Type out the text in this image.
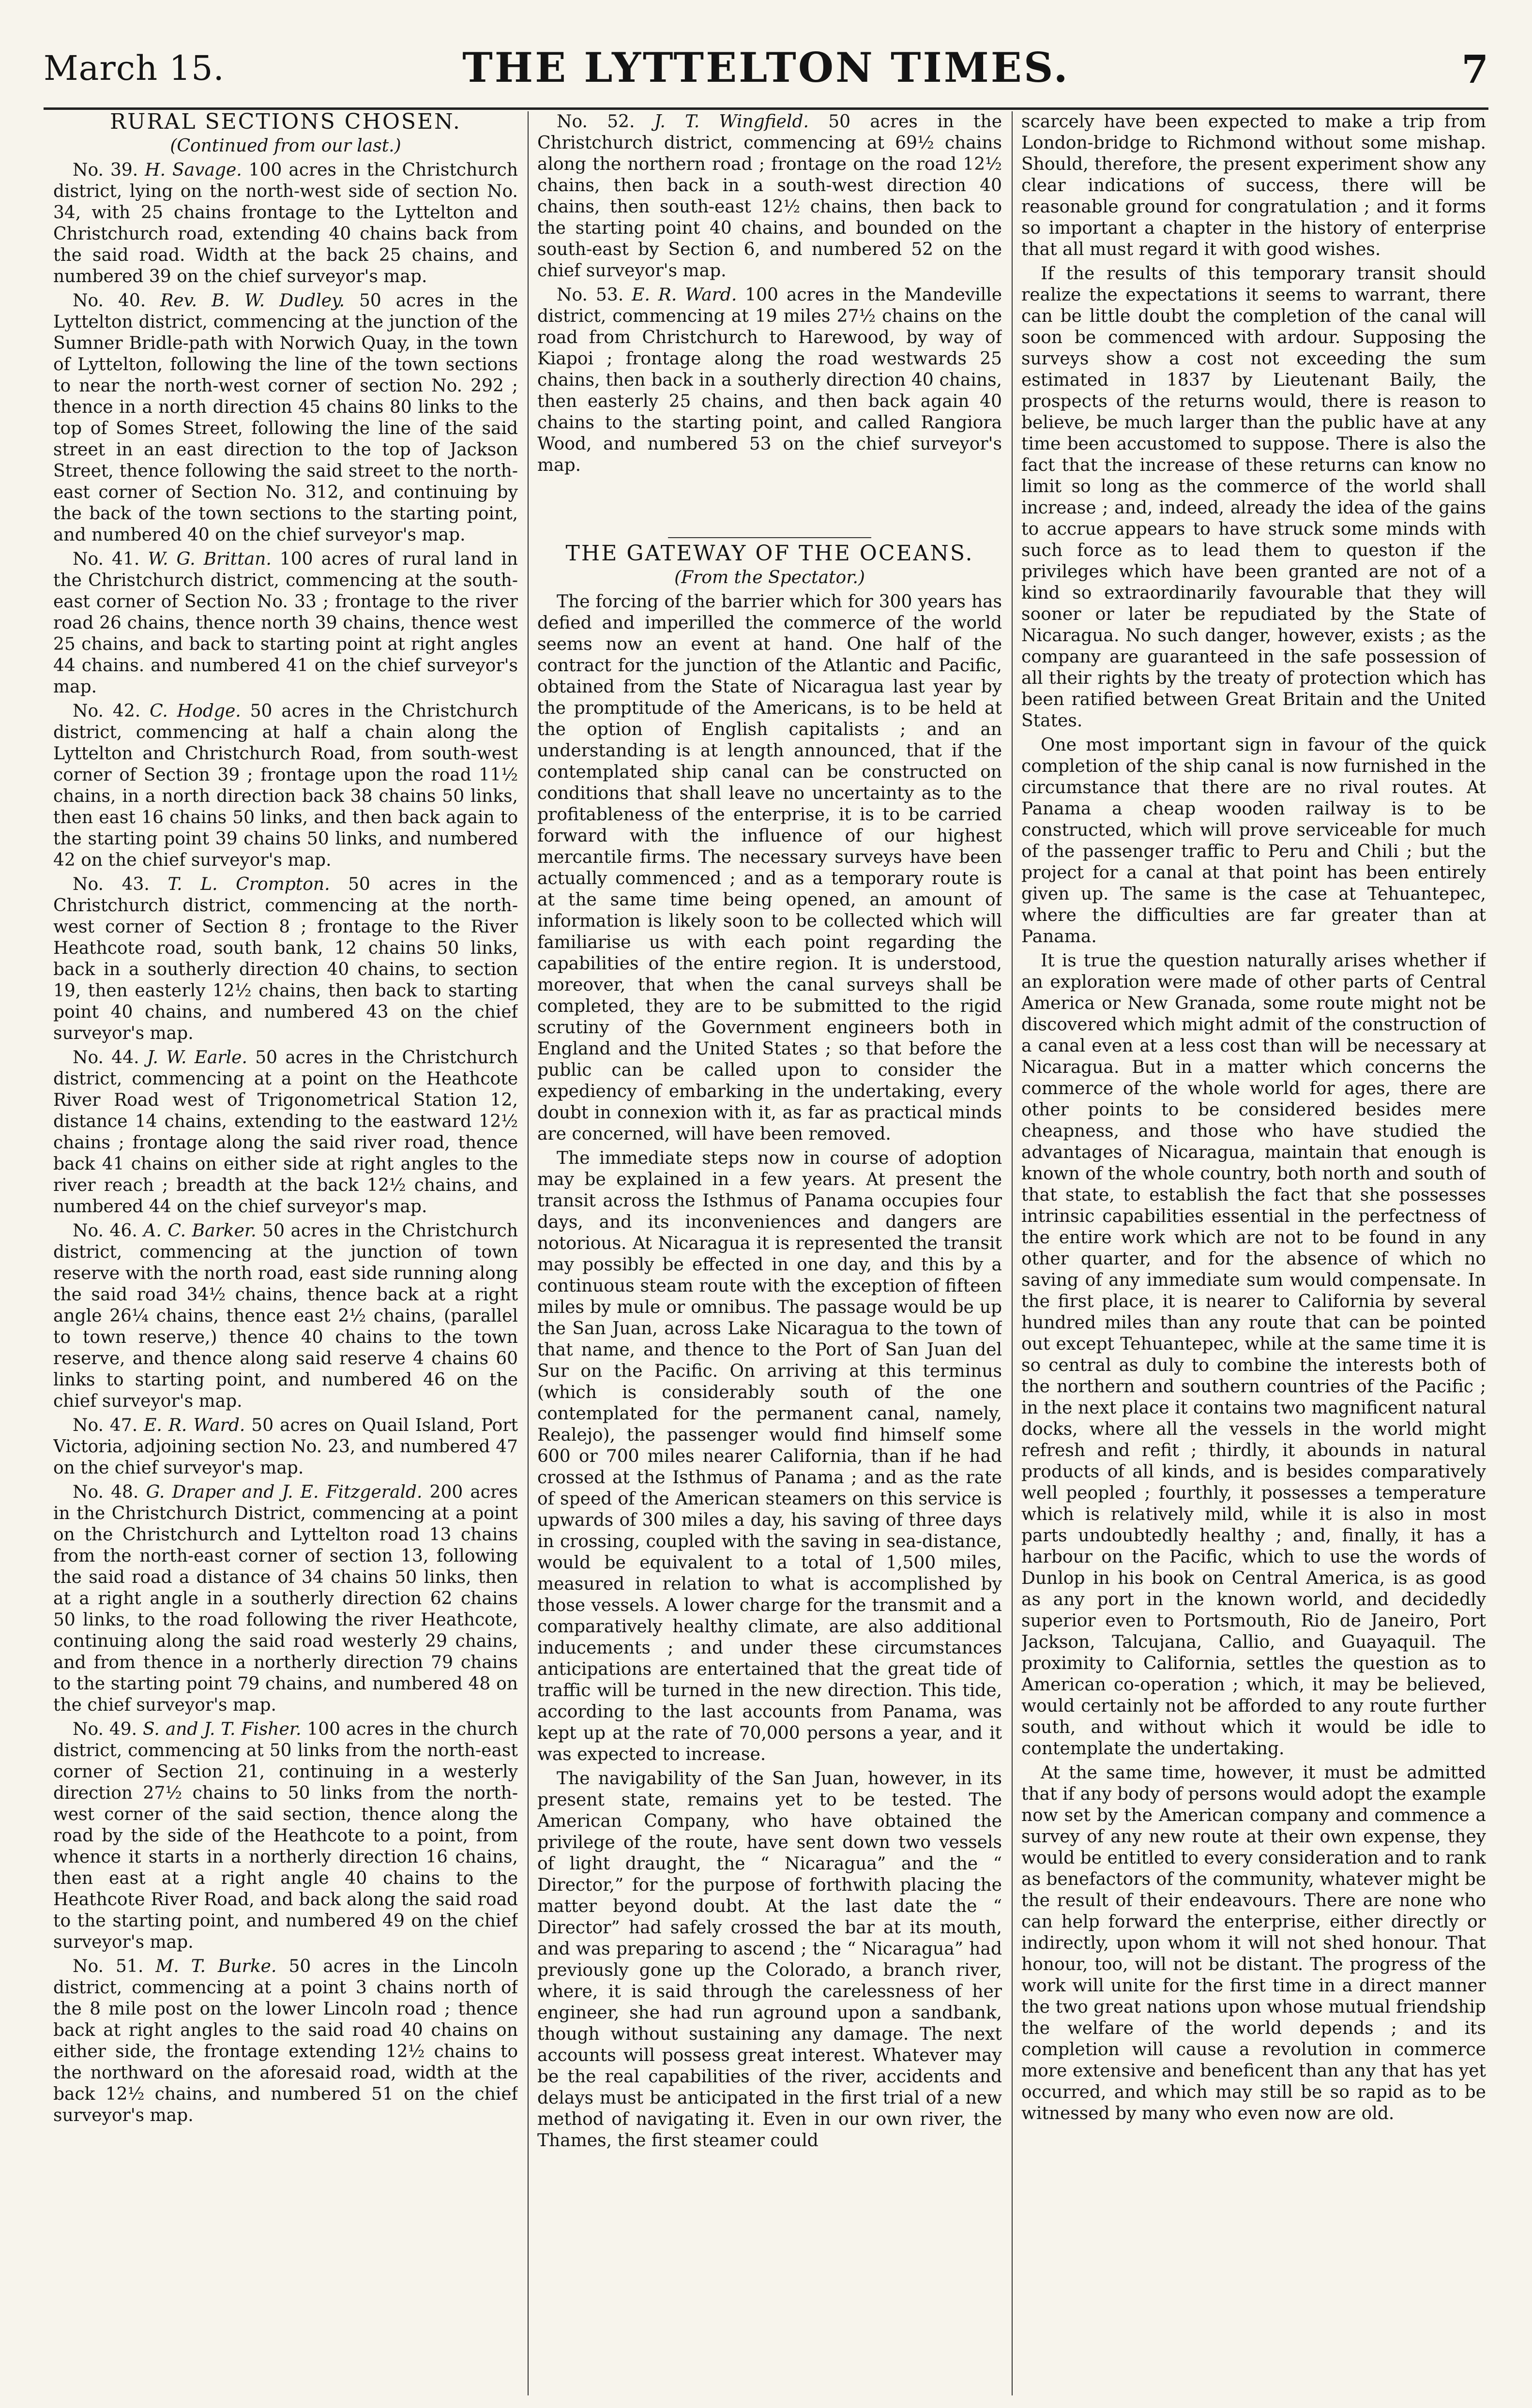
March 15.	THE LYTTELTON TIMES.	7

RURAL SECTIONS CHOSEN.

(Continued from our last.)

No. 39. H. Savage. 100 acres in the Christchurch district, lying on the north-west side of section No. 34, with 25 chains frontage to the Lyttelton and Christchurch road, extending 40 chains back from the said road. Width at the back 25 chains, and numbered 39 on the chief surveyor's map.

No. 40. Rev. B. W. Dudley. 50 acres in the Lyttelton district, commencing at the junction of the Sumner Bridle-path with Norwich Quay, in the town of Lyttelton, following the line of the town sections to near the north-west corner of section No. 292 ; thence in a north direction 45 chains 80 links to the top of Somes Street, following the line of the said street in an east direction to the top of Jackson Street, thence following the said street to the north-east corner of Section No. 312, and continuing by the back of the town sections to the starting point, and numbered 40 on the chief surveyor's map.

No. 41. W. G. Brittan. 100 acres of rural land in the Christchurch district, commencing at the south-east corner of Section No. 33 ; frontage to the river road 26 chains, thence north 39 chains, thence west 25 chains, and back to starting point at right angles 44 chains. and numbered 41 on the chief surveyor's map.

No. 42. C. Hodge. 50 acres in the Christchurch district, commencing at half a chain along the Lyttelton and Christchurch Road, from south-west corner of Section 39 ; frontage upon the road 11½ chains, in a north direction back 38 chains 50 links, then east 16 chains 50 links, and then back again to the starting point 39 chains 50 links, and numbered 42 on the chief surveyor's map.

No. 43. T. L. Crompton. 50 acres in the Christchurch district, commencing at the north-west corner of Section 8 ; frontage to the River Heathcote road, south bank, 12 chains 50 links, back in a southerly direction 40 chains, to section 19, then easterly 12½ chains, then back to starting point 40 chains, and numbered 43 on the chief surveyor's map.

No. 44. J. W. Earle. 50 acres in the Christchurch district, commencing at a point on the Heathcote River Road west of Trigonometrical Station 12, distance 14 chains, extending to the eastward 12½ chains ; frontage along the said river road, thence back 41 chains on either side at right angles to the river reach ; breadth at the back 12½ chains, and numbered 44 on the chief surveyor's map.

No. 46. A. C. Barker. 50 acres in the Christchurch district, commencing at the junction of town reserve with the north road, east side running along the said road 34½ chains, thence back at a right angle 26¼ chains, thence east 2½ chains, (parallel to town reserve,) thence 40 chains to the town reserve, and thence along said reserve 4 chains 60 links to starting point, and numbered 46 on the chief surveyor's map.

No. 47. E. R. Ward. 50 acres on Quail Island, Port Victoria, adjoining section No. 23, and numbered 47 on the chief surveyor's map.

No. 48. G. Draper and J. E. Fitzgerald. 200 acres in the Christchurch District, commencing at a point on the Christchurch and Lyttelton road 13 chains from the north-east corner of section 13, following the said road a distance of 34 chains 50 links, then at a right angle in a southerly direction 62 chains 50 links, to the road following the river Heathcote, continuing along the said road westerly 29 chains, and from thence in a northerly direction 79 chains to the starting point 79 chains, and numbered 48 on the chief surveyor's map.

No. 49. S. and J. T. Fisher. 100 acres in the church district, commencing at 50 links from the north-east corner of Section 21, continuing in a westerly direction 27½ chains to 50 links from the north-west corner of the said section, thence along the road by the side of the Heathcote to a point, from whence it starts in a northerly direction 16 chains, then east at a right angle 40 chains to the Heathcote River Road, and back along the said road to the starting point, and numbered 49 on the chief surveyor's map.

No. 51. M. T. Burke. 50 acres in the Lincoln district, commencing at a point 3 chains north of the 8 mile post on the lower Lincoln road ; thence back at right angles to the said road 40 chains on either side, the frontage extending 12½ chains to the northward on the aforesaid road, width at the back 12½ chains, and numbered 51 on the chief surveyor's map.

No. 52. J. T. Wingfield. 50 acres in the Christchurch district, commencing at 69½ chains along the northern road ; frontage on the road 12½ chains, then back in a south-west direction 40 chains, then south-east 12½ chains, then back to the starting point 40 chains, and bounded on the south-east by Section 6, and numbered 52 on the chief surveyor's map.

No. 53. E. R. Ward. 100 acres in the Mandeville district, commencing at 19 miles 27½ chains on the road from Christchurch to Harewood, by way of Kiapoi ; frontage along the road westwards 25 chains, then back in a southerly direction 40 chains, then easterly 25 chains, and then back again 40 chains to the starting point, and called Rangiora Wood, and numbered 53 on the chief surveyor's map.

THE GATEWAY OF THE OCEANS.

(From the Spectator.)

The forcing of the barrier which for 300 years has defied and imperilled the commerce of the world seems now an event at hand. One half of the contract for the junction of the Atlantic and Pacific, obtained from the State of Nicaragua last year by the promptitude of the Americans, is to be held at the option of English capitalists ; and an understanding is at length announced, that if the contemplated ship canal can be constructed on conditions that shall leave no uncertainty as to the profitableness of the enterprise, it is to be carried forward with the influence of our highest mercantile firms. The necessary surveys have been actually commenced ; and as a temporary route is at the same time being opened, an amount of information is likely soon to be collected which will familiarise us with each point regarding the capabilities of the entire region. It is understood, moreover, that when the canal surveys shall be completed, they are to be submitted to the rigid scrutiny of the Government engineers both in England and the United States ; so that before the public can be called upon to consider the expediency of embarking in the undertaking, every doubt in connexion with it, as far as practical minds are concerned, will have been removed.

The immediate steps now in course of adoption may be explained in a few years. At present the transit across the Isthmus of Panama occupies four days, and its inconveniences and dangers are notorious. At Nicaragua it is represented the transit may possibly be effected in one day, and this by a continuous steam route with the exception of fifteen miles by mule or omnibus. The passage would be up the San Juan, across Lake Nicaragua to the town of that name, and thence to the Port of San Juan del Sur on the Pacific. On arriving at this terminus (which is considerably south of the one contemplated for the permanent canal, namely, Realejo), the passenger would find himself some 600 or 700 miles nearer California, than if he had crossed at the Isthmus of Panama ; and as the rate of speed of the American steamers on this service is upwards of 300 miles a day, his saving of three days in crossing, coupled with the saving in sea-distance, would be equivalent to a total of 1,500 miles, measured in relation to what is accomplished by those vessels. A lower charge for the transmit and a comparatively healthy climate, are also additional inducements ; and under these circumstances anticipations are entertained that the great tide of traffic will be turned in the new direction. This tide, according to the last accounts from Panama, was kept up at the rate of 70,000 persons a year, and it was expected to increase.

The navigability of the San Juan, however, in its present state, remains yet to be tested. The American Company, who have obtained the privilege of the route, have sent down two vessels of light draught, the “ Nicaragua” and the “ Director,” for the purpose of forthwith placing the matter beyond doubt. At the last date the “ Director” had safely crossed the bar at its mouth, and was preparing to ascend ; the “ Nicaragua” had previously gone up the Colorado, a branch river, where, it is said through the carelessness of her engineer, she had run aground upon a sandbank, though without sustaining any damage. The next accounts will possess great interest. Whatever may be the real capabilities of the river, accidents and delays must be anticipated in the first trial of a new method of navigating it. Even in our own river, the Thames, the first steamer could

scarcely have been expected to make a trip from London-bridge to Richmond without some mishap. Should, therefore, the present experiment show any clear indications of success, there will be reasonable ground for congratulation ; and it forms so important a chapter in the history of enterprise that all must regard it with good wishes.

If the results of this temporary transit should realize the expectations it seems to warrant, there can be little doubt the completion of the canal will soon be commenced with ardour. Supposing the surveys show a cost not exceeding the sum estimated in 1837 by Lieutenant Baily, the prospects of the returns would, there is reason to believe, be much larger than the public have at any time been accustomed to suppose. There is also the fact that the increase of these returns can know no limit so long as the commerce of the world shall increase ; and, indeed, already the idea of the gains to accrue appears to have struck some minds with such force as to lead them to queston if the privileges which have been granted are not of a kind so extraordinarily favourable that they will sooner or later be repudiated by the State of Nicaragua. No such danger, however, exists ; as the company are guaranteed in the safe possession of all their rights by the treaty of protection which has been ratified between Great Britain and the United States.

One most important sign in favour of the quick completion of the ship canal is now furnished in the circumstance that there are no rival routes. At Panama a cheap wooden railway is to be constructed, which will prove serviceable for much of the passenger traffic to Peru and Chili ; but the project for a canal at that point has been entirely given up. The same is the case at Tehuantepec, where the difficulties are far greater than at Panama.

It is true the question naturally arises whether if an exploration were made of other parts of Central America or New Granada, some route might not be discovered which might admit of the construction of a canal even at a less cost than will be necessary at Nicaragua. But in a matter which concerns the commerce of the whole world for ages, there are other points to be considered besides mere cheapness, and those who have studied the advantages of Nicaragua, maintain that enough is known of the whole country, both north and south of that state, to establish the fact that she possesses intrinsic capabilities essential in the perfectness of the entire work which are not to be found in any other quarter, and for the absence of which no saving of any immediate sum would compensate. In the first place, it is nearer to California by several hundred miles than any route that can be pointed out except Tehuantepec, while at the same time it is so central as duly to combine the interests both of the northern and southern countries of the Pacific ; in the next place it contains two magnificent natural docks, where all the vessels in the world might refresh and refit ; thirdly, it abounds in natural products of all kinds, and is besides comparatively well peopled ; fourthly, it possesses a temperature which is relatively mild, while it is also in most parts undoubtedly healthy ; and, finally, it has a harbour on the Pacific, which to use the words of Dunlop in his book on Central America, is as good as any port in the known world, and decidedly superior even to Portsmouth, Rio de Janeiro, Port Jackson, Talcujana, Callio, and Guayaquil. The proximity to California, settles the question as to American co-operation ; which, it may be believed, would certainly not be afforded to any route further south, and without which it would be idle to contemplate the undertaking.

At the same time, however, it must be admitted that if any body of persons would adopt the example now set by the American company and commence a survey of any new route at their own expense, they would be entitled to every consideration and to rank as benefactors of the community, whatever might be the result of their endeavours. There are none who can help forward the enterprise, either directly or indirectly, upon whom it will not shed honour. That honour, too, will not be distant. The progress of the work will unite for the first time in a direct manner the two great nations upon whose mutual friendship the welfare of the world depends ; and its completion will cause a revolution in commerce more extensive and beneficent than any that has yet occurred, and which may still be so rapid as to be witnessed by many who even now are old.
